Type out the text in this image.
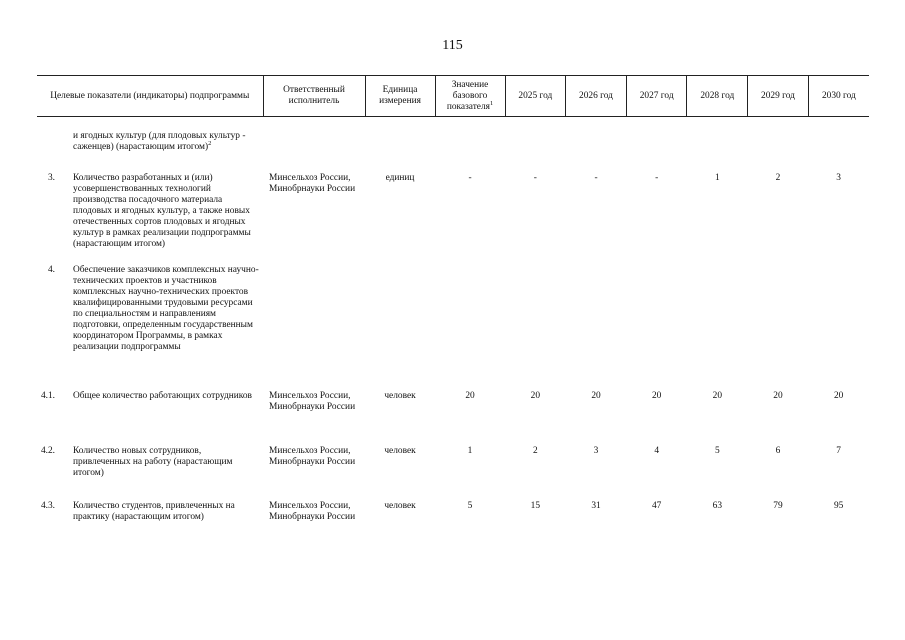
115
Целевые показатели (индикаторы) подпрограммы		Ответственный исполнитель	Единица измерения	Значение базового показателя$^1$	2025 год	2026 год	2027 год	2028 год	2029 год	2030 год
	и ягодных культур (для плодовых культур - саженцев) (нарастающим итогом)$^2$									
3.	Количество разработанных и (или) усовершенствованных технологий производства посадочного материала плодовых и ягодных культур, а также новых отечественных сортов плодовых и ягодных культур в рамках реализации подпрограммы (нарастающим итогом)	Минсельхоз России, Минобрнауки России	единиц	-	-	-	-	1	2	3
4.	Обеспечение заказчиков комплексных научно-технических проектов и участников комплексных научно-технических проектов квалифицированными трудовыми ресурсами по специальностям и направлениям подготовки, определенным государственным координатором Программы, в рамках реализации подпрограммы									
4.1.	Общее количество работающих сотрудников	Минсельхоз России, Минобрнауки России	человек	20	20	20	20	20	20	20
4.2.	Количество новых сотрудников, привлеченных на работу (нарастающим итогом)	Минсельхоз России, Минобрнауки России	человек	1	2	3	4	5	6	7
4.3.	Количество студентов, привлеченных на практику (нарастающим итогом)	Минсельхоз России, Минобрнауки России	человек	5	15	31	47	63	79	95
